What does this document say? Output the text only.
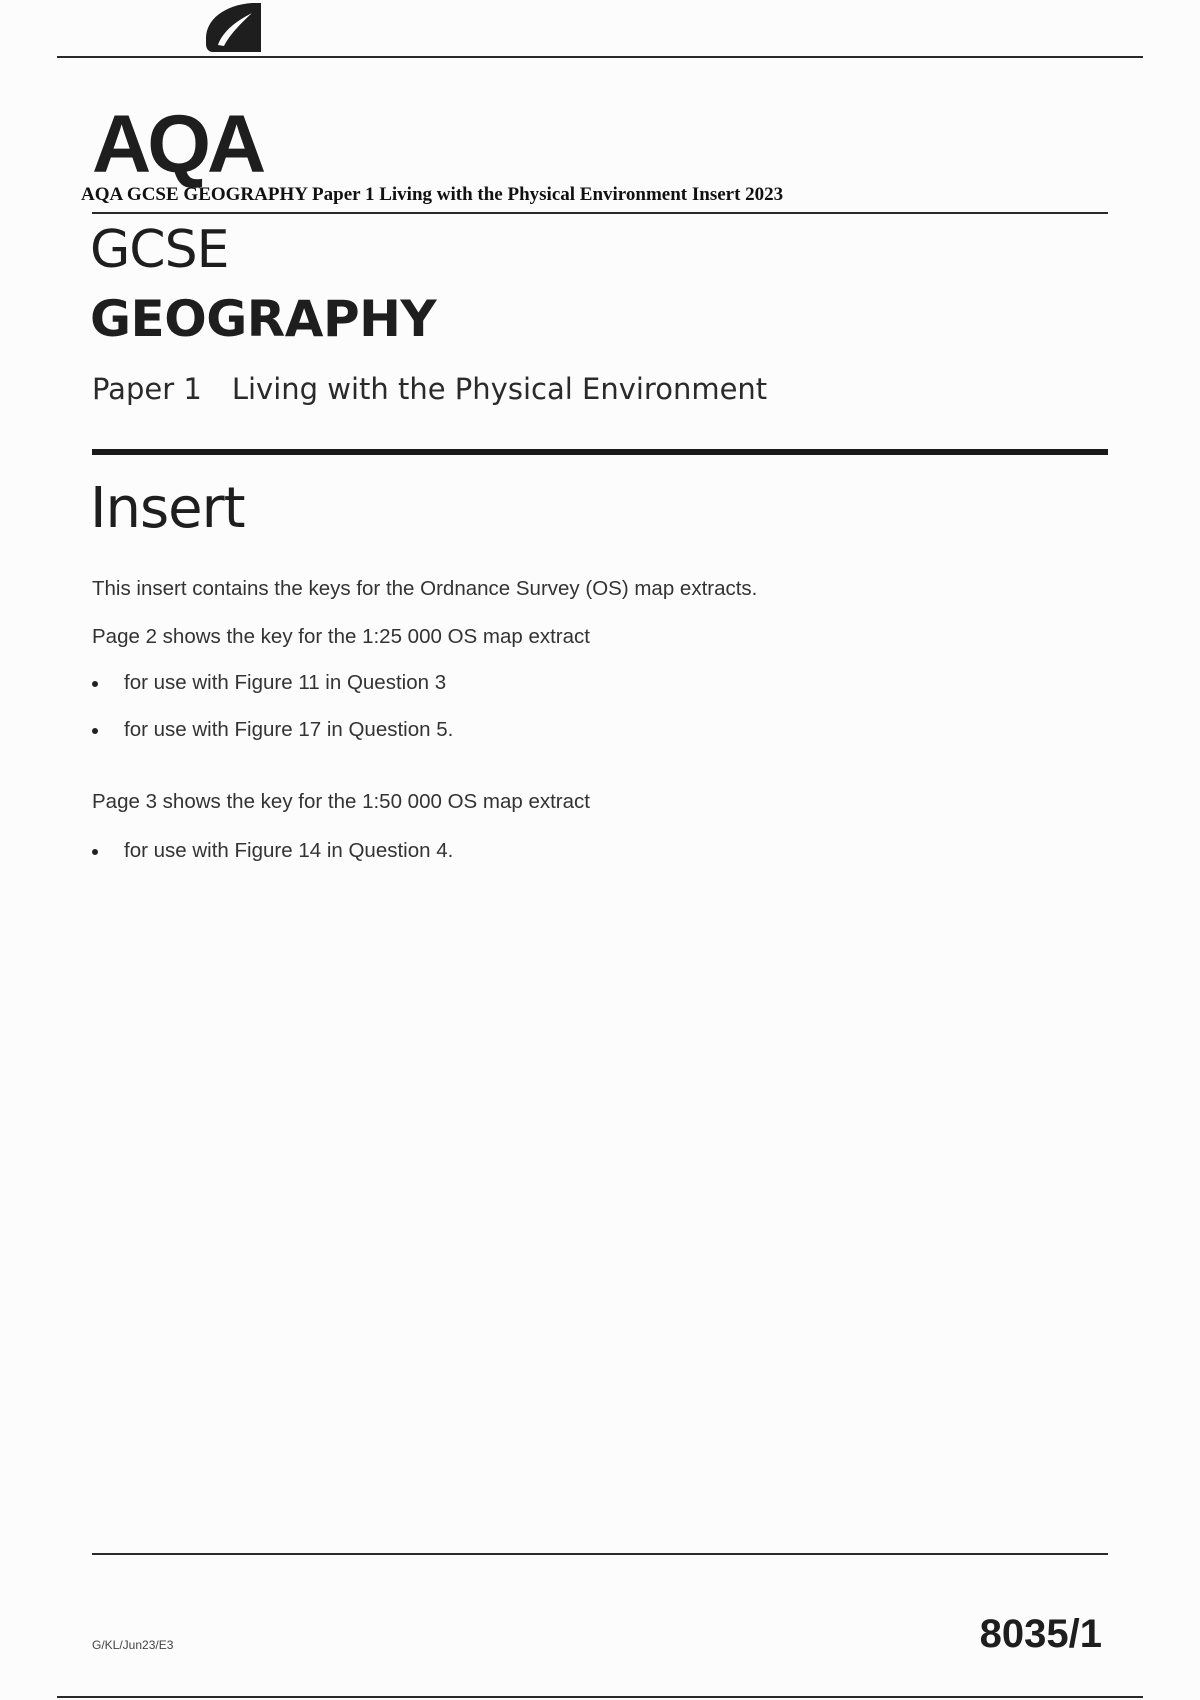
AQA
AQA GCSE GEOGRAPHY Paper 1 Living with the Physical Environment Insert 2023
GCSE
GEOGRAPHY
Paper 1 Living with the Physical Environment
Insert
This insert contains the keys for the Ordnance Survey (OS) map extracts.
Page 2 shows the key for the 1:25 000 OS map extract
for use with Figure 11 in Question 3
for use with Figure 17 in Question 5.
Page 3 shows the key for the 1:50 000 OS map extract
for use with Figure 14 in Question 4.
G/KL/Jun23/E3	8035/1
